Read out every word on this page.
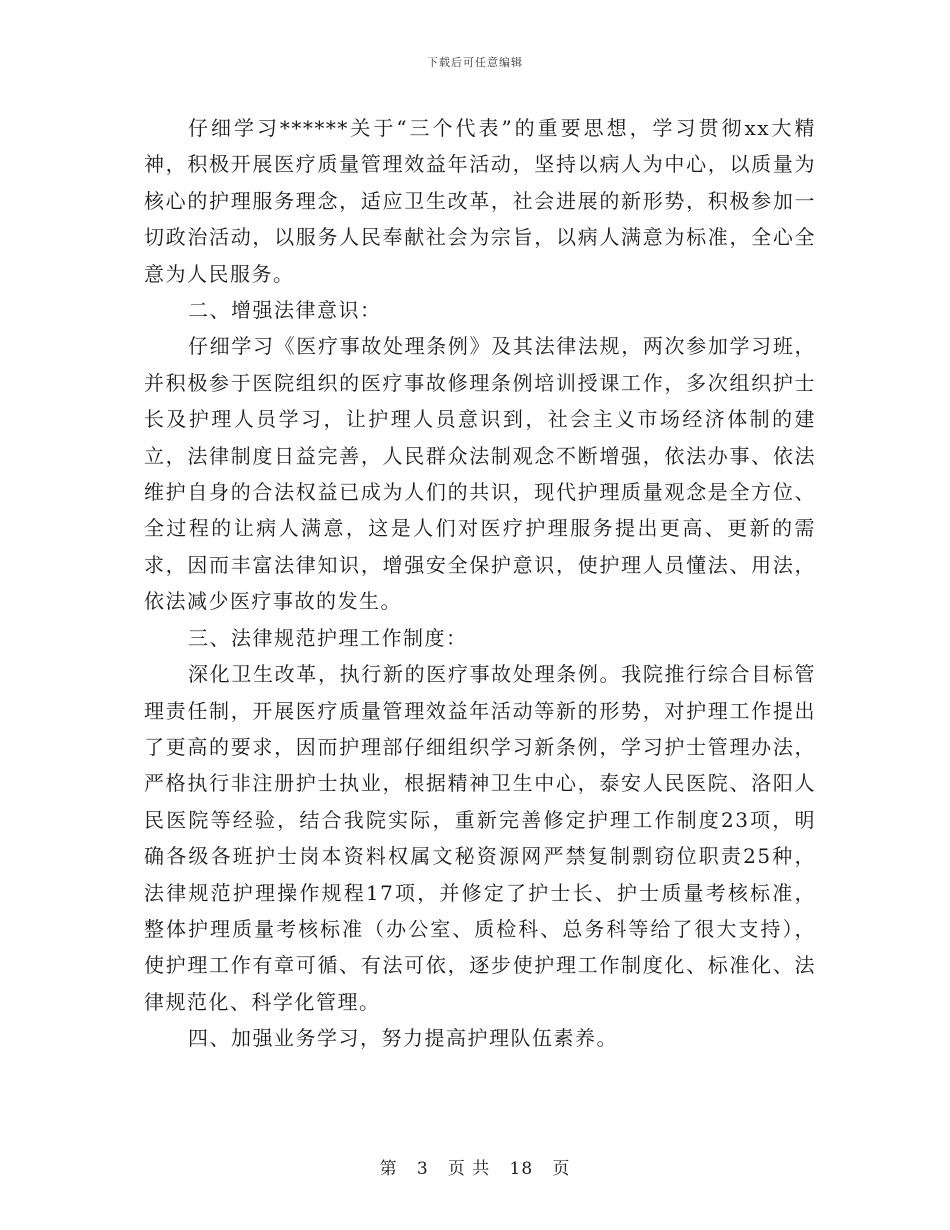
下载后可任意编辑

仔细学习******关于“三个代表”的重要思想，学习贯彻xx大精神，积极开展医疗质量管理效益年活动，坚持以病人为中心，以质量为核心的护理服务理念，适应卫生改革，社会进展的新形势，积极参加一切政治活动，以服务人民奉献社会为宗旨，以病人满意为标准，全心全意为人民服务。

二、增强法律意识：

仔细学习《医疗事故处理条例》及其法律法规，两次参加学习班，并积极参于医院组织的医疗事故修理条例培训授课工作，多次组织护士长及护理人员学习，让护理人员意识到，社会主义市场经济体制的建立，法律制度日益完善，人民群众法制观念不断增强，依法办事、依法维护自身的合法权益已成为人们的共识，现代护理质量观念是全方位、全过程的让病人满意，这是人们对医疗护理服务提出更高、更新的需求，因而丰富法律知识，增强安全保护意识，使护理人员懂法、用法，依法减少医疗事故的发生。

三、法律规范护理工作制度：

深化卫生改革，执行新的医疗事故处理条例。我院推行综合目标管理责任制，开展医疗质量管理效益年活动等新的形势，对护理工作提出了更高的要求，因而护理部仔细组织学习新条例，学习护士管理办法，严格执行非注册护士执业，根据精神卫生中心，泰安人民医院、洛阳人民医院等经验，结合我院实际，重新完善修定护理工作制度23项，明确各级各班护士岗本资料权属文秘资源网严禁复制剽窃位职责25种，法律规范护理操作规程17项，并修定了护士长、护士质量考核标准，整体护理质量考核标准（办公室、质检科、总务科等给了很大支持），使护理工作有章可循、有法可依，逐步使护理工作制度化、标准化、法律规范化、科学化管理。

四、加强业务学习，努力提高护理队伍素养。

第 3 页 共 18 页
